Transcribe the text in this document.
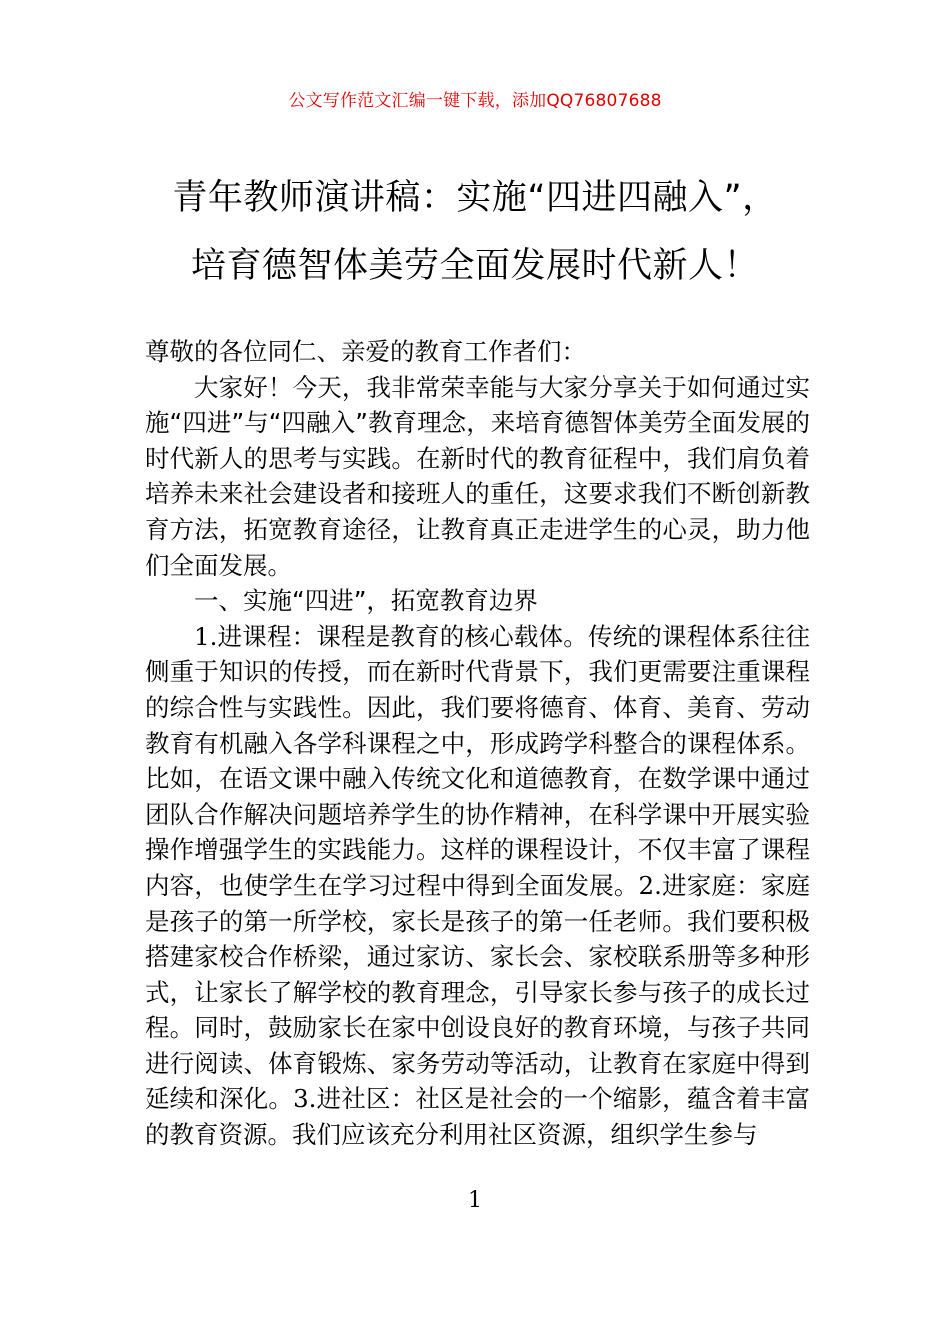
公文写作范文汇编一键下载，添加QQ76807688
青年教师演讲稿：实施“四进四融入”，
培育德智体美劳全面发展时代新人！

尊敬的各位同仁、亲爱的教育工作者们：

大家好！今天，我非常荣幸能与大家分享关于如何通过实施“四进”与“四融入”教育理念，来培育德智体美劳全面发展的时代新人的思考与实践。在新时代的教育征程中，我们肩负着培养未来社会建设者和接班人的重任，这要求我们不断创新教育方法，拓宽教育途径，让教育真正走进学生的心灵，助力他们全面发展。

一、实施“四进”，拓宽教育边界

1.进课程：课程是教育的核心载体。传统的课程体系往往侧重于知识的传授，而在新时代背景下，我们更需要注重课程的综合性与实践性。因此，我们要将德育、体育、美育、劳动教育有机融入各学科课程之中，形成跨学科整合的课程体系。比如，在语文课中融入传统文化和道德教育，在数学课中通过团队合作解决问题培养学生的协作精神，在科学课中开展实验操作增强学生的实践能力。这样的课程设计，不仅丰富了课程内容，也使学生在学习过程中得到全面发展。2.进家庭：家庭是孩子的第一所学校，家长是孩子的第一任老师。我们要积极搭建家校合作桥梁，通过家访、家长会、家校联系册等多种形式，让家长了解学校的教育理念，引导家长参与孩子的成长过程。同时，鼓励家长在家中创设良好的教育环境，与孩子共同进行阅读、体育锻炼、家务劳动等活动，让教育在家庭中得到延续和深化。3.进社区：社区是社会的一个缩影，蕴含着丰富的教育资源。我们应该充分利用社区资源，组织学生参与

1
